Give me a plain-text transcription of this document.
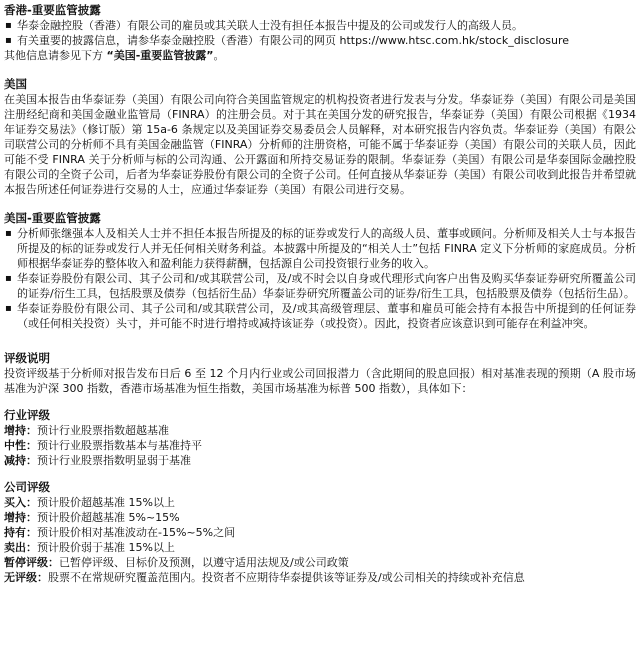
香港-重要监管披露

▪ 华泰金融控股（香港）有限公司的雇员或其关联人士没有担任本报告中提及的公司或发行人的高级人员。
▪ 有关重要的披露信息，请参华泰金融控股（香港）有限公司的网页 https://www.htsc.com.hk/stock_disclosure

其他信息请参见下方 “美国-重要监管披露”。

美国

在美国本报告由华泰证券（美国）有限公司向符合美国监管规定的机构投资者进行发表与分发。华泰证券（美国）有限公司是美国注册经纪商和美国金融业监管局（FINRA）的注册会员。对于其在美国分发的研究报告，华泰证券（美国）有限公司根据《1934 年证券交易法》（修订版）第 15a-6 条规定以及美国证券交易委员会人员解释，对本研究报告内容负责。华泰证券（美国）有限公司联营公司的分析师不具有美国金融监管（FINRA）分析师的注册资格，可能不属于华泰证券（美国）有限公司的关联人员，因此可能不受 FINRA 关于分析师与标的公司沟通、公开露面和所持交易证券的限制。华泰证券（美国）有限公司是华泰国际金融控股有限公司的全资子公司，后者为华泰证券股份有限公司的全资子公司。任何直接从华泰证券（美国）有限公司收到此报告并希望就本报告所述任何证券进行交易的人士，应通过华泰证券（美国）有限公司进行交易。

美国-重要监管披露

▪ 分析师张继强本人及相关人士并不担任本报告所提及的标的证券或发行人的高级人员、董事或顾问。分析师及相关人士与本报告所提及的标的证券或发行人并无任何相关财务利益。本披露中所提及的“相关人士”包括 FINRA 定义下分析师的家庭成员。分析师根据华泰证券的整体收入和盈利能力获得薪酬，包括源自公司投资银行业务的收入。
▪ 华泰证券股份有限公司、其子公司和/或其联营公司，及/或不时会以自身或代理形式向客户出售及购买华泰证券研究所覆盖公司的证券/衍生工具，包括股票及债券（包括衍生品）华泰证券研究所覆盖公司的证券/衍生工具，包括股票及债券（包括衍生品）。
▪ 华泰证券股份有限公司、其子公司和/或其联营公司，及/或其高级管理层、董事和雇员可能会持有本报告中所提到的任何证券（或任何相关投资）头寸，并可能不时进行增持或减持该证券（或投资）。因此，投资者应该意识到可能存在利益冲突。

评级说明

投资评级基于分析师对报告发布日后 6 至 12 个月内行业或公司回报潜力（含此期间的股息回报）相对基准表现的预期（A 股市场基准为沪深 300 指数，香港市场基准为恒生指数，美国市场基准为标普 500 指数），具体如下：

行业评级

增持：预计行业股票指数超越基准

中性：预计行业股票指数基本与基准持平

减持：预计行业股票指数明显弱于基准

公司评级

买入：预计股价超越基准 15%以上

增持：预计股价超越基准 5%~15%

持有：预计股价相对基准波动在-15%~5%之间

卖出：预计股价弱于基准 15%以上

暂停评级：已暂停评级、目标价及预测，以遵守适用法规及/或公司政策

无评级：股票不在常规研究覆盖范围内。投资者不应期待华泰提供该等证券及/或公司相关的持续或补充信息
